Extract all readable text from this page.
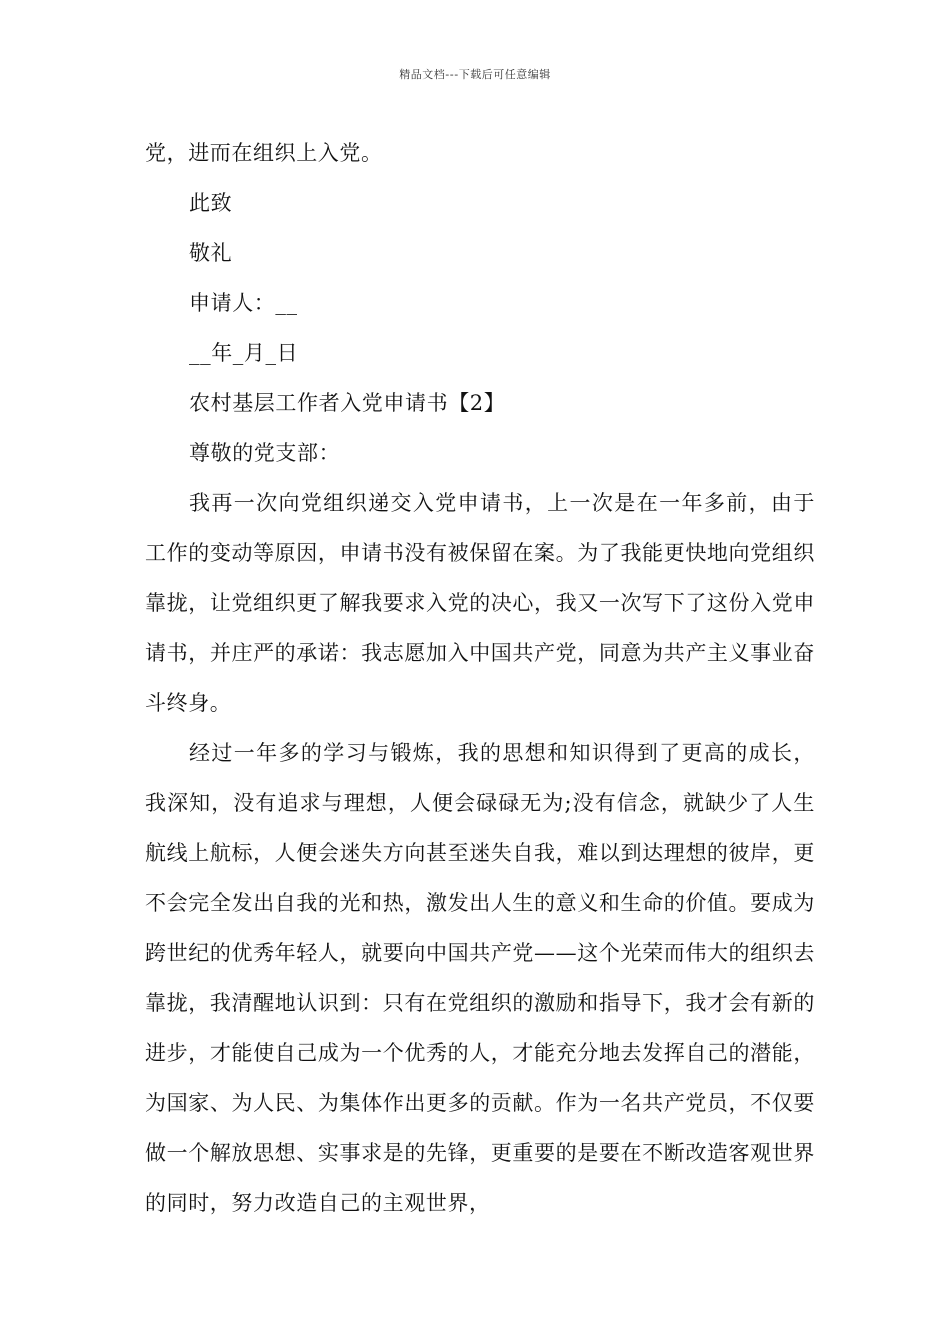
精品文档---下载后可任意编辑
党，进而在组织上入党。
此致
敬礼
申请人：__
__年_月_日
农村基层工作者入党申请书【2】
尊敬的党支部：

我再一次向党组织递交入党申请书，上一次是在一年多前，由于工作的变动等原因，申请书没有被保留在案。为了我能更快地向党组织靠拢，让党组织更了解我要求入党的决心，我又一次写下了这份入党申请书，并庄严的承诺：我志愿加入中国共产党，同意为共产主义事业奋斗终身。

经过一年多的学习与锻炼，我的思想和知识得到了更高的成长，我深知，没有追求与理想，人便会碌碌无为;没有信念，就缺少了人生航线上航标，人便会迷失方向甚至迷失自我，难以到达理想的彼岸，更不会完全发出自我的光和热，激发出人生的意义和生命的价值。要成为跨世纪的优秀年轻人，就要向中国共产党——这个光荣而伟大的组织去靠拢，我清醒地认识到：只有在党组织的激励和指导下，我才会有新的进步，才能使自己成为一个优秀的人，才能充分地去发挥自己的潜能，为国家、为人民、为集体作出更多的贡献。作为一名共产党员，不仅要做一个解放思想、实事求是的先锋，更重要的是要在不断改造客观世界的同时，努力改造自己的主观世界，
